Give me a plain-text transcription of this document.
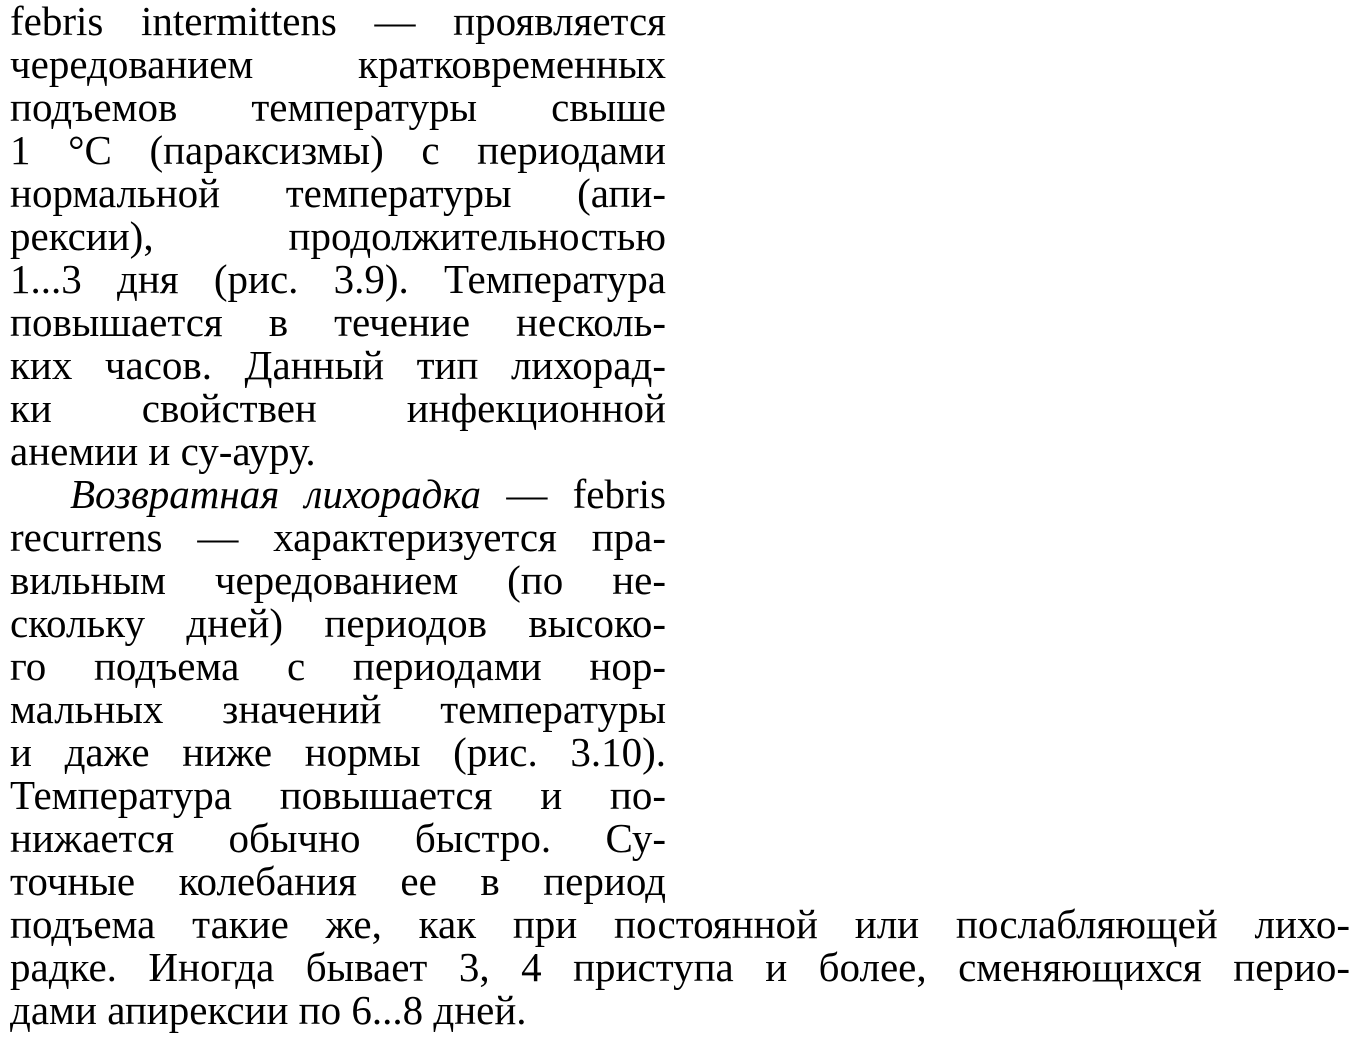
febris intermittens — проявляется
чередованием кратковременных
подъемов температуры свыше
1 °C (параксизмы) с периодами
нормальной температуры (апи-
рексии), продолжительностью
1...3 дня (рис. 3.9). Температура
повышается в течение несколь-
ких часов. Данный тип лихорад-
ки свойствен инфекционной
анемии и су-ауру.
Возвратная лихорадка — febris
recurrens — характеризуется пра-
вильным чередованием (по не-
скольку дней) периодов высоко-
го подъема с периодами нор-
мальных значений температуры
и даже ниже нормы (рис. 3.10).
Температура повышается и по-
нижается обычно быстро. Су-
точные колебания ее в период
подъема такие же, как при постоянной или послабляющей лихо-
радке. Иногда бывает 3, 4 приступа и более, сменяющихся перио-
дами апирексии по 6...8 дней.
